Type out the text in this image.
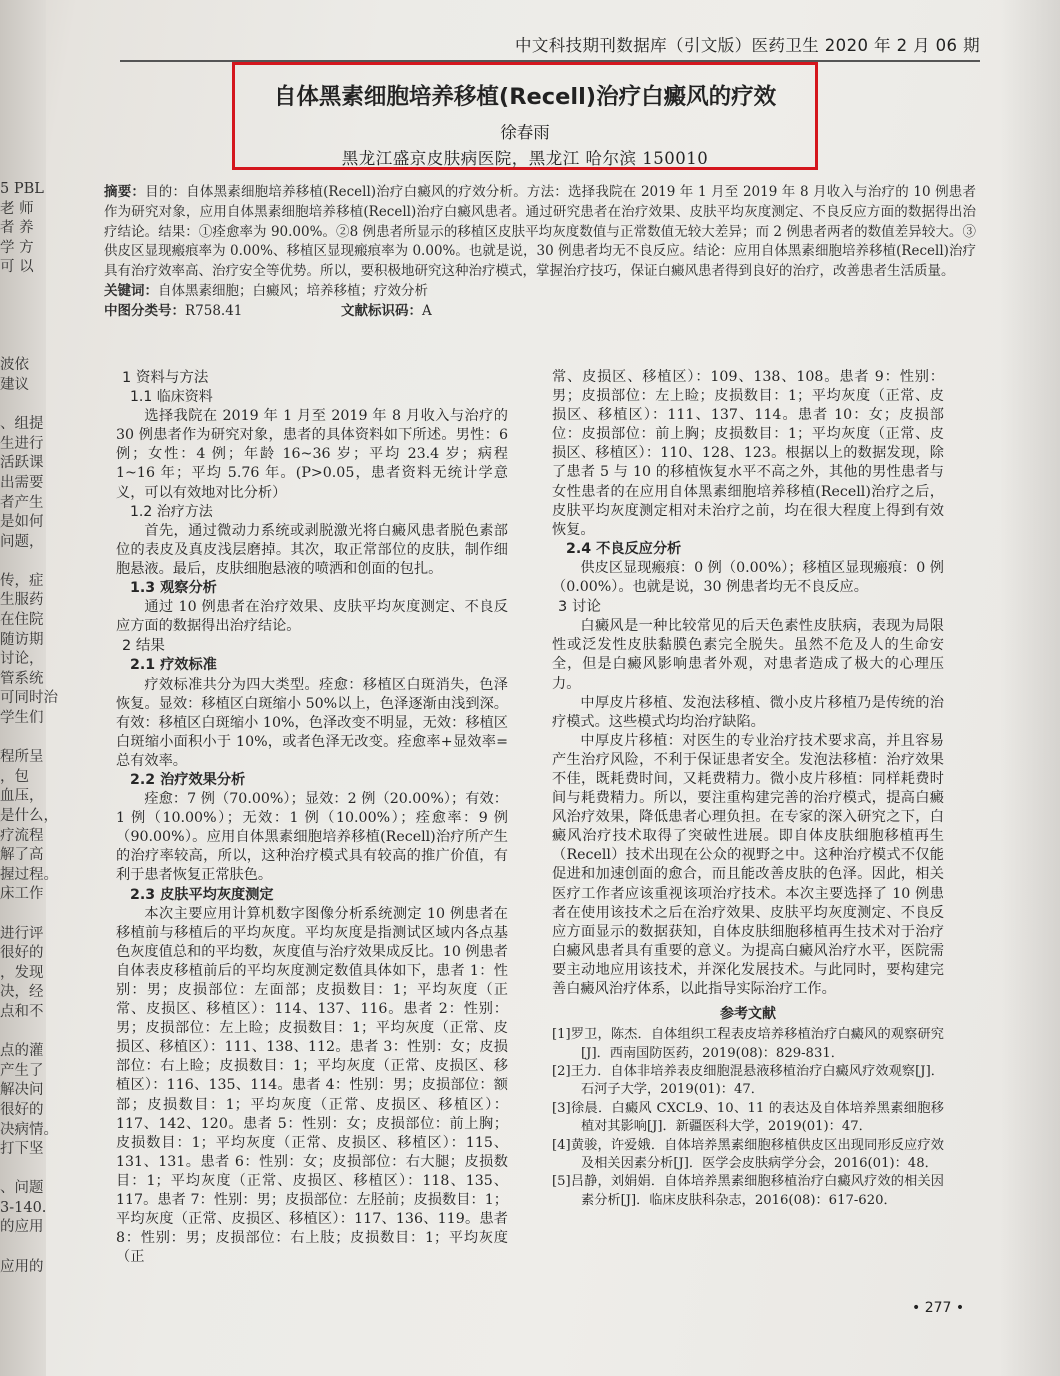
5 PBL
老 师
者 养
学 方
可 以
波依
建议
、组提
生进行
活跃课
出需要
者产生
是如何
问题，
传，症
生服药
在住院
随访期
讨论，
管系统
可同时治
学生们
程所呈
，包
血压，
是什么，
疗流程
解了高
握过程。
床工作
进行评
很好的
，发现
决，经
点和不
点的灌
产生了
解决问
很好的
决病情。
打下坚
、问题
3-140.
的应用
应用的
中文科技期刊数据库（引文版）医药卫生 2020 年 2 月 06 期
自体黑素细胞培养移植(Recell)治疗白癜风的疗效
徐春雨
黑龙江盛京皮肤病医院，黑龙江 哈尔滨 150010
摘要：目的：自体黑素细胞培养移植(Recell)治疗白癜风的疗效分析。方法：选择我院在 2019 年 1 月至 2019 年 8 月收入与治疗的 10 例患者作为研究对象，应用自体黑素细胞培养移植(Recell)治疗白癜风患者。通过研究患者在治疗效果、皮肤平均灰度测定、不良反应方面的数据得出治疗结论。结果：①痊愈率为 90.00%。②8 例患者所显示的移植区皮肤平均灰度数值与正常数值无较大差异；而 2 例患者两者的数值差异较大。③供皮区显现瘢痕率为 0.00%、移植区显现瘢痕率为 0.00%。也就是说，30 例患者均无不良反应。结论：应用自体黑素细胞培养移植(Recell)治疗具有治疗效率高、治疗安全等优势。所以，要积极地研究这种治疗模式，掌握治疗技巧，保证白癜风患者得到良好的治疗，改善患者生活质量。
关键词：自体黑素细胞；白癜风；培养移植；疗效分析
中图分类号：R758.41	文献标识码：A
1 资料与方法
1.1 临床资料
选择我院在 2019 年 1 月至 2019 年 8 月收入与治疗的 30 例患者作为研究对象，患者的具体资料如下所述。男性：6 例；女性：4 例；年龄 16~36 岁；平均 23.4 岁；病程 1~16 年；平均 5.76 年。(P>0.05，患者资料无统计学意义，可以有效地对比分析）
1.2 治疗方法
首先，通过微动力系统或剥脱激光将白癜风患者脱色素部位的表皮及真皮浅层磨掉。其次，取正常部位的皮肤，制作细胞悬液。最后，皮肤细胞悬液的喷洒和创面的包扎。
1.3 观察分析
通过 10 例患者在治疗效果、皮肤平均灰度测定、不良反应方面的数据得出治疗结论。
2 结果
2.1 疗效标准
疗效标准共分为四大类型。痊愈：移植区白斑消失，色泽恢复。显效：移植区白斑缩小 50%以上，色泽逐渐由浅到深。有效：移植区白斑缩小 10%，色泽改变不明显，无效：移植区白斑缩小面积小于 10%，或者色泽无改变。痊愈率+显效率=总有效率。
2.2 治疗效果分析
痊愈：7 例（70.00%）；显效：2 例（20.00%）；有效：1 例（10.00%）；无效：1 例（10.00%）；痊愈率：9 例（90.00%）。应用自体黑素细胞培养移植(Recell)治疗所产生的治疗率较高，所以，这种治疗模式具有较高的推广价值，有利于患者恢复正常肤色。
2.3 皮肤平均灰度测定
本次主要应用计算机数字图像分析系统测定 10 例患者在移植前与移植后的平均灰度。平均灰度是指测试区域内各点基色灰度值总和的平均数，灰度值与治疗效果成反比。10 例患者自体表皮移植前后的平均灰度测定数值具体如下，患者 1：性别：男；皮损部位：左面部；皮损数目：1；平均灰度（正常、皮损区、移植区）：114、137、116。患者 2：性别：男；皮损部位：左上睑；皮损数目：1；平均灰度（正常、皮损区、移植区）：111、138、112。患者 3：性别：女；皮损部位：右上睑；皮损数目：1；平均灰度（正常、皮损区、移植区）：116、135、114。患者 4：性别：男；皮损部位：额部；皮损数目：1；平均灰度（正常、皮损区、移植区）：117、142、120。患者 5：性别：女；皮损部位：前上胸；皮损数目：1；平均灰度（正常、皮损区、移植区）：115、131、131。患者 6：性别：女；皮损部位：右大腿；皮损数目：1；平均灰度（正常、皮损区、移植区）：118、135、117。患者 7：性别：男；皮损部位：左胫前；皮损数目：1；平均灰度（正常、皮损区、移植区）：117、136、119。患者 8：性别：男；皮损部位：右上肢；皮损数目：1；平均灰度（正
常、皮损区、移植区）：109、138、108。患者 9：性别：男；皮损部位：左上睑；皮损数目：1；平均灰度（正常、皮损区、移植区）：111、137、114。患者 10：女；皮损部位：皮损部位：前上胸；皮损数目：1；平均灰度（正常、皮损区、移植区）：110、128、123。根据以上的数据发现，除了患者 5 与 10 的移植恢复水平不高之外，其他的男性患者与女性患者的在应用自体黑素细胞培养移植(Recell)治疗之后，皮肤平均灰度测定相对未治疗之前，均在很大程度上得到有效恢复。
2.4 不良反应分析
供皮区显现瘢痕：0 例（0.00%）；移植区显现瘢痕：0 例（0.00%）。也就是说，30 例患者均无不良反应。
3 讨论
白癜风是一种比较常见的后天色素性皮肤病，表现为局限性或泛发性皮肤黏膜色素完全脱失。虽然不危及人的生命安全，但是白癜风影响患者外观，对患者造成了极大的心理压力。
中厚皮片移植、发泡法移植、微小皮片移植乃是传统的治疗模式。这些模式均均治疗缺陷。
中厚皮片移植：对医生的专业治疗技术要求高，并且容易产生治疗风险，不利于保证患者安全。发泡法移植：治疗效果不佳，既耗费时间，又耗费精力。微小皮片移植：同样耗费时间与耗费精力。所以，要注重构建完善的治疗模式，提高白癜风治疗效果，降低患者心理负担。在专家的深入研究之下，白癜风治疗技术取得了突破性进展。即自体皮肤细胞移植再生（Recell）技术出现在公众的视野之中。这种治疗模式不仅能促进和加速创面的愈合，而且能改善皮肤的色泽。因此，相关医疗工作者应该重视该项治疗技术。本次主要选择了 10 例患者在使用该技术之后在治疗效果、皮肤平均灰度测定、不良反应方面显示的数据获知，自体皮肤细胞移植再生技术对于治疗白癜风患者具有重要的意义。为提高白癜风治疗水平，医院需要主动地应用该技术，并深化发展技术。与此同时，要构建完善白癜风治疗体系，以此指导实际治疗工作。
参考文献
[1]罗卫，陈杰．自体组织工程表皮培养移植治疗白癜风的观察研究[J]．西南国防医药，2019(08)：829-831．
[2]王力．自体非培养表皮细胞混悬液移植治疗白癜风疗效观察[J]．石河子大学，2019(01)：47．
[3]徐晨．白癜风 CXCL9、10、11 的表达及自体培养黑素细胞移植对其影响[J]．新疆医科大学，2019(01)：47．
[4]黄骏，许爱娥．自体培养黑素细胞移植供皮区出现同形反应疗效及相关因素分析[J]．医学会皮肤病学分会，2016(01)：48．
[5]吕静，刘娟娟．自体培养黑素细胞移植治疗白癜风疗效的相关因素分析[J]．临床皮肤科杂志，2016(08)：617-620．
• 277 •
